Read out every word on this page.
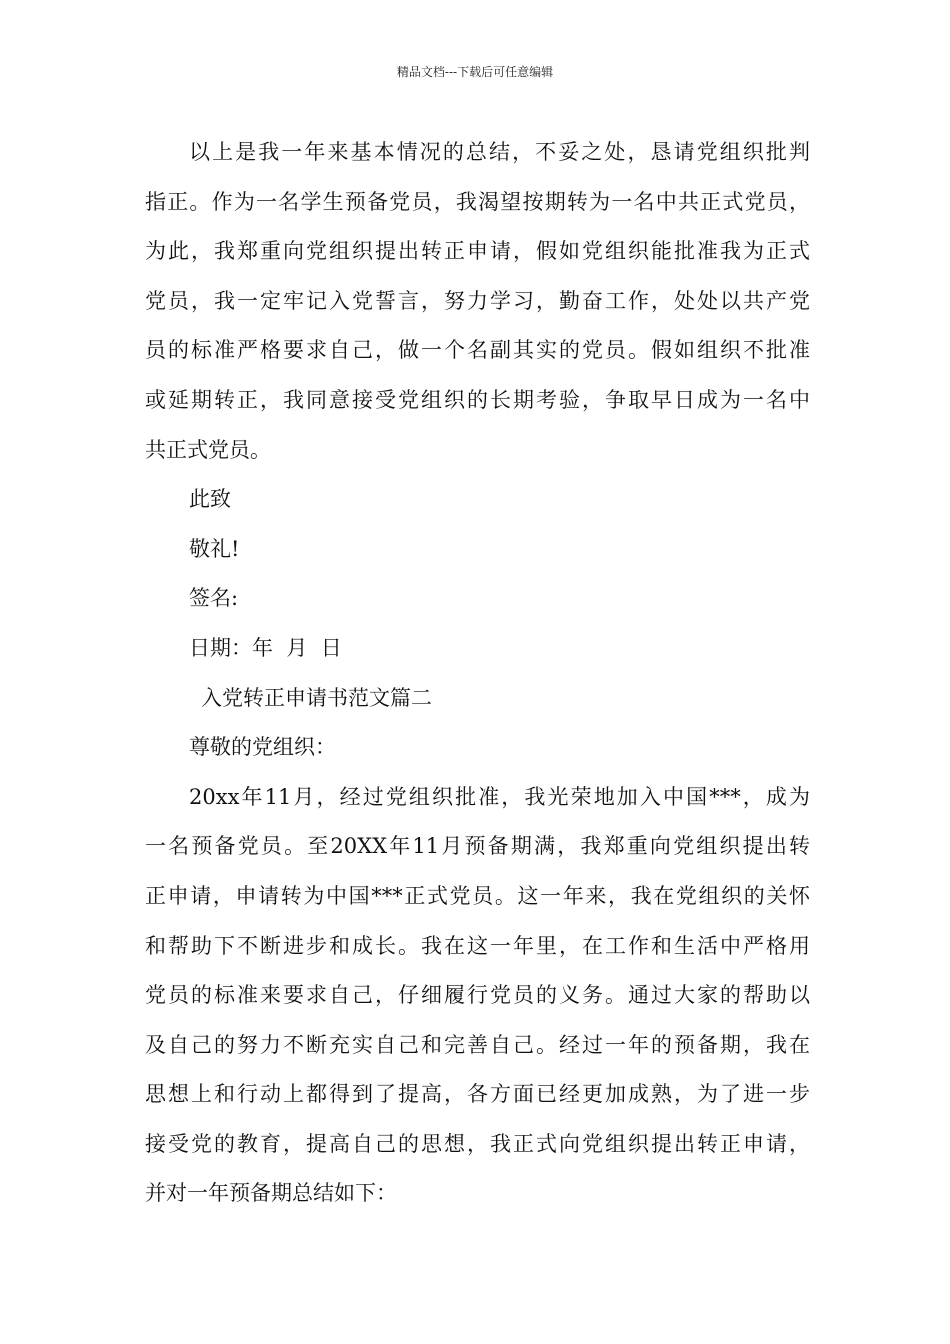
精品文档---下载后可任意编辑
以上是我一年来基本情况的总结，不妥之处，恳请党组织批判
指正。作为一名学生预备党员，我渴望按期转为一名中共正式党员，
为此，我郑重向党组织提出转正申请，假如党组织能批准我为正式
党员，我一定牢记入党誓言，努力学习，勤奋工作，处处以共产党
员的标准严格要求自己，做一个名副其实的党员。假如组织不批准
或延期转正，我同意接受党组织的长期考验，争取早日成为一名中
共正式党员。
此致
敬礼!
签名:
日期：年  月  日
入党转正申请书范文篇二
尊敬的党组织：
20xx年11月，经过党组织批准，我光荣地加入中国***，成为
一名预备党员。至20XX年11月预备期满，我郑重向党组织提出转
正申请，申请转为中国***正式党员。这一年来，我在党组织的关怀
和帮助下不断进步和成长。我在这一年里，在工作和生活中严格用
党员的标准来要求自己，仔细履行党员的义务。通过大家的帮助以
及自己的努力不断充实自己和完善自己。经过一年的预备期，我在
思想上和行动上都得到了提高，各方面已经更加成熟，为了进一步
接受党的教育，提高自己的思想，我正式向党组织提出转正申请，
并对一年预备期总结如下：
